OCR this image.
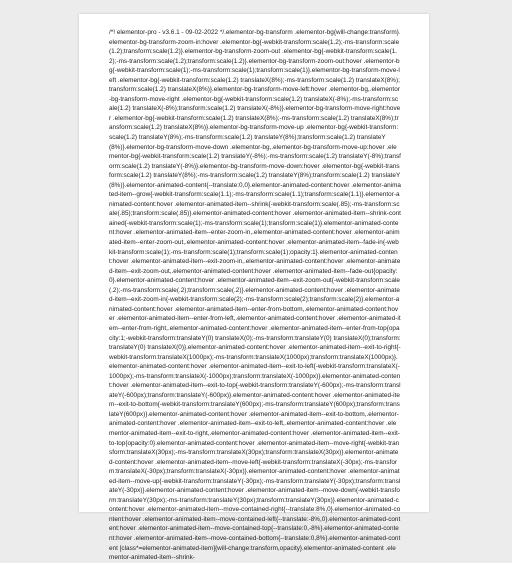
/*! elementor-pro - v3.6.1 - 09-02-2022 */.elementor-bg-transform .elementor-bg{will-change:transform}.elementor-bg-transform-zoom-in:hover .elementor-bg{-webkit-transform:scale(1.2);-ms-transform:scale(1.2);transform:scale(1.2)}.elementor-bg-transform-zoom-out .elementor-bg{-webkit-transform:scale(1.2);-ms-transform:scale(1.2);transform:scale(1.2)}.elementor-bg-transform-zoom-out:hover .elementor-bg{-webkit-transform:scale(1);-ms-transform:scale(1);transform:scale(1)}.elementor-bg-transform-move-left .elementor-bg{-webkit-transform:scale(1.2) translateX(8%);-ms-transform:scale(1.2) translateX(8%);transform:scale(1.2) translateX(8%)}.elementor-bg-transform-move-left:hover .elementor-bg,.elementor-bg-transform-move-right .elementor-bg{-webkit-transform:scale(1.2) translateX(-8%);-ms-transform:scale(1.2) translateX(-8%);transform:scale(1.2) translateX(-8%)}.elementor-bg-transform-move-right:hover .elementor-bg{-webkit-transform:scale(1.2) translateX(8%);-ms-transform:scale(1.2) translateX(8%);transform:scale(1.2) translateX(8%)}.elementor-bg-transform-move-up .elementor-bg{-webkit-transform:scale(1.2) translateY(8%);-ms-transform:scale(1.2) translateY(8%);transform:scale(1.2) translateY(8%)}.elementor-bg-transform-move-down .elementor-bg,.elementor-bg-transform-move-up:hover .elementor-bg{-webkit-transform:scale(1.2) translateY(-8%);-ms-transform:scale(1.2) translateY(-8%);transform:scale(1.2) translateY(-8%)}.elementor-bg-transform-move-down:hover .elementor-bg{-webkit-transform:scale(1.2) translateY(8%);-ms-transform:scale(1.2) translateY(8%);transform:scale(1.2) translateY(8%)}.elementor-animated-content{--translate:0,0}.elementor-animated-content:hover .elementor-animated-item--grow{-webkit-transform:scale(1.1);-ms-transform:scale(1.1);transform:scale(1.1)}.elementor-animated-content:hover .elementor-animated-item--shrink{-webkit-transform:scale(.85);-ms-transform:scale(.85);transform:scale(.85)}.elementor-animated-content:hover .elementor-animated-item--shrink-contained{-webkit-transform:scale(1);-ms-transform:scale(1);transform:scale(1)}.elementor-animated-content:hover .elementor-animated-item--enter-zoom-in,.elementor-animated-content:hover .elementor-animated-item--enter-zoom-out,.elementor-animated-content:hover .elementor-animated-item--fade-in{-webkit-transform:scale(1);-ms-transform:scale(1);transform:scale(1);opacity:1}.elementor-animated-content:hover .elementor-animated-item--exit-zoom-in,.elementor-animated-content:hover .elementor-animated-item--exit-zoom-out,.elementor-animated-content:hover .elementor-animated-item--fade-out{opacity:0}.elementor-animated-content:hover .elementor-animated-item--exit-zoom-out{-webkit-transform:scale(.2);-ms-transform:scale(.2);transform:scale(.2)}.elementor-animated-content:hover .elementor-animated-item--exit-zoom-in{-webkit-transform:scale(2);-ms-transform:scale(2);transform:scale(2)}.elementor-animated-content:hover .elementor-animated-item--enter-from-bottom,.elementor-animated-content:hover .elementor-animated-item--enter-from-left,.elementor-animated-content:hover .elementor-animated-item--enter-from-right,.elementor-animated-content:hover .elementor-animated-item--enter-from-top{opacity:1;-webkit-transform:translateY(0) translateX(0);-ms-transform:translateY(0) translateX(0);transform:translateY(0) translateX(0)}.elementor-animated-content:hover .elementor-animated-item--exit-to-right{-webkit-transform:translateX(1000px);-ms-transform:translateX(1000px);transform:translateX(1000px)}.elementor-animated-content:hover .elementor-animated-item--exit-to-left{-webkit-transform:translateX(-1000px);-ms-transform:translateX(-1000px);transform:translateX(-1000px)}.elementor-animated-content:hover .elementor-animated-item--exit-to-top{-webkit-transform:translateY(-600px);-ms-transform:translateY(-600px);transform:translateY(-600px)}.elementor-animated-content:hover .elementor-animated-item--exit-to-bottom{-webkit-transform:translateY(600px);-ms-transform:translateY(600px);transform:translateY(600px)}.elementor-animated-content:hover .elementor-animated-item--exit-to-bottom,.elementor-animated-content:hover .elementor-animated-item--exit-to-left,.elementor-animated-content:hover .elementor-animated-item--exit-to-right,.elementor-animated-content:hover .elementor-animated-item--exit-to-top{opacity:0}.elementor-animated-content:hover .elementor-animated-item--move-right{-webkit-transform:translateX(30px);-ms-transform:translateX(30px);transform:translateX(30px)}.elementor-animated-content:hover .elementor-animated-item--move-left{-webkit-transform:translateX(-30px);-ms-transform:translateX(-30px);transform:translateX(-30px)}.elementor-animated-content:hover .elementor-animated-item--move-up{-webkit-transform:translateY(-30px);-ms-transform:translateY(-30px);transform:translateY(-30px)}.elementor-animated-content:hover .elementor-animated-item--move-down{-webkit-transform:translateY(30px);-ms-transform:translateY(30px);transform:translateY(30px)}.elementor-animated-content:hover .elementor-animated-item--move-contained-right{--translate:8%,0}.elementor-animated-content:hover .elementor-animated-item--move-contained-left{--translate:-8%,0}.elementor-animated-content:hover .elementor-animated-item--move-contained-top{--translate:0,-8%}.elementor-animated-content:hover .elementor-animated-item--move-contained-bottom{--translate:0,8%}.elementor-animated-content [class*=elementor-animated-item]{will-change:transform,opacity}.elementor-animated-content .elementor-animated-item--shrink-
